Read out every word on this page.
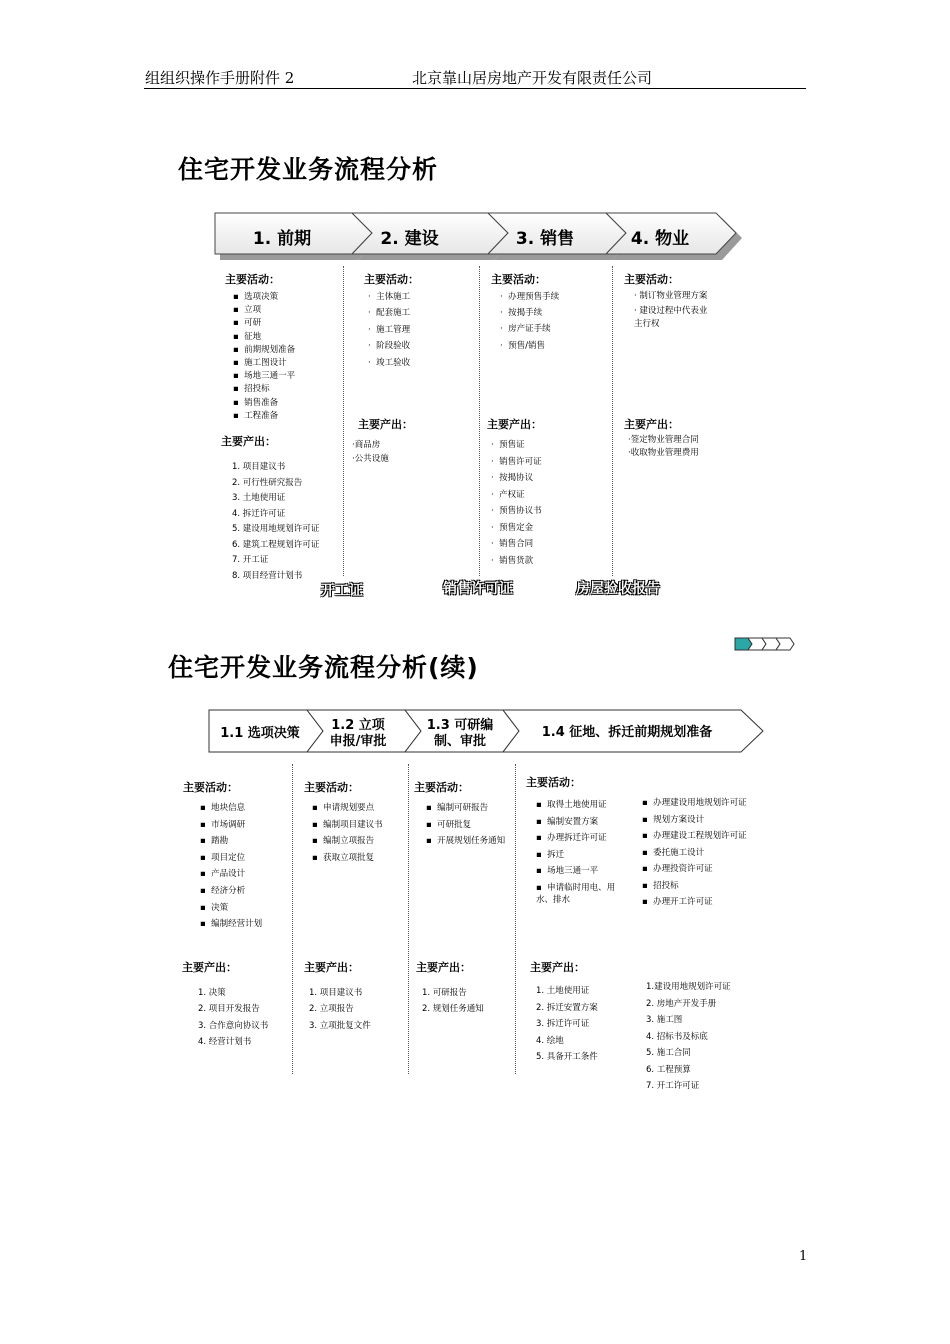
组组织操作手册附件 2	北京靠山居房地产开发有限责任公司
住宅开发业务流程分析
1. 前期	2. 建设	3. 销售	4. 物业
主要活动：
▪  选项决策
▪  立项
▪  可研
▪  征地
▪  前期规划准备
▪  施工图设计
▪  场地三通一平
▪  招投标
▪  销售准备
▪  工程准备
主要产出：
1. 项目建议书
2. 可行性研究报告
3. 土地使用证
4. 拆迁许可证
5. 建设用地规划许可证
6. 建筑工程规划许可证
7. 开工证
8. 项目经营计划书
主要活动：
·  主体施工
·  配套施工
·  施工管理
·  阶段验收
·  竣工验收
主要产出：
·商品房
·公共设施
主要活动：
·  办理预售手续
·  按揭手续
·  房产证手续
·  预售/销售
主要产出：
·  预售证
·  销售许可证
·  按揭协议
·  产权证
·  预售协议书
·  预售定金
·  销售合同
·  销售货款
主要活动：
· 制订物业管理方案
· 建设过程中代表业主行权
主要产出：
·签定物业管理合同
·收取物业管理费用
开工证	销售许可证	房屋验收报告
住宅开发业务流程分析(续)
1.1 选项决策
1.2 立项
申报/审批
1.3 可研编
制、审批
1.4 征地、拆迁前期规划准备
主要活动：
▪  地块信息
▪  市场调研
▪  踏勘
▪  项目定位
▪  产品设计
▪  经济分析
▪  决策
▪  编制经营计划
主要产出：
1. 决策
2. 项目开发报告
3. 合作意向协议书
4. 经营计划书
主要活动：
▪  申请规划要点
▪  编制项目建议书
▪  编制立项报告
▪  获取立项批复
主要产出：
1. 项目建议书
2. 立项报告
3. 立项批复文件
主要活动：
▪  编制可研报告
▪  可研批复
▪  开展规划任务通知
主要产出：
1. 可研报告
2. 规划任务通知
主要活动：
▪  取得土地使用证
▪  编制安置方案
▪  办理拆迁许可证
▪  拆迁
▪  场地三通一平
▪  申请临时用电、用水、排水
▪  办理建设用地规划许可证
▪  规划方案设计
▪  办理建设工程规划许可证
▪  委托施工设计
▪  办理投资许可证
▪  招投标
▪  办理开工许可证
主要产出：
1. 土地使用证
2. 拆迁安置方案
3. 拆迁许可证
4. 绘地
5. 具备开工条件
1.建设用地规划许可证
2. 房地产开发手册
3. 施工图
4. 招标书及标底
5. 施工合同
6. 工程预算
7. 开工许可证
1
